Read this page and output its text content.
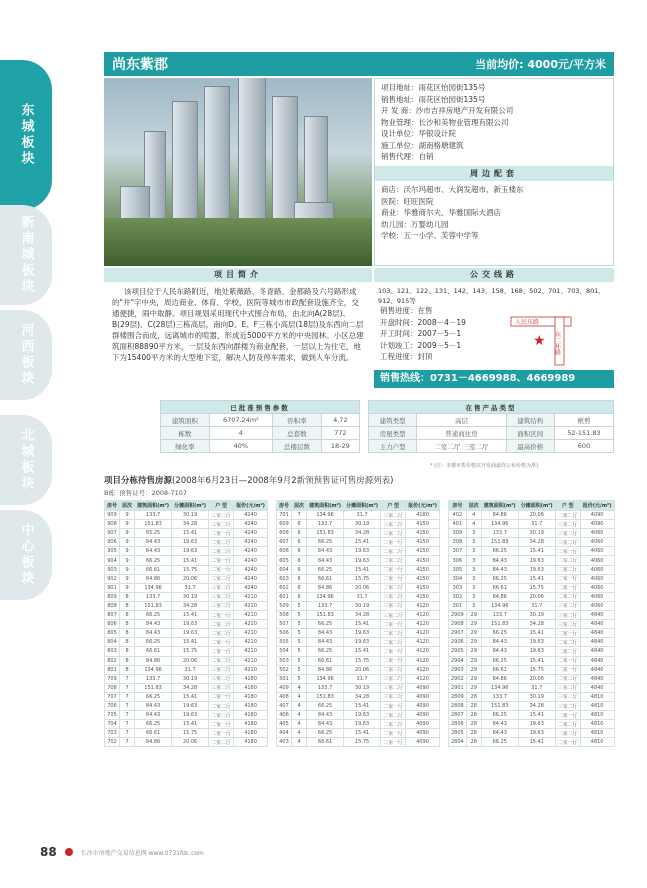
东城板块
新南城板块
河西板块
北城板块
中心板块
尚东紫郡	当前均价: 4000元/平方米
项目地址：雨花区怡园街135号
销售地址：雨花区怡园街135号
开 发 商：沙市吉祥房地产开发有限公司
物业管理：长沙和美物业管理有限公司
设计单位：华银设计院
施工单位：湖南格塘建筑
销售代理：自销
周边配套
商店：沃尔玛超市、大润发超市、新玉楼东
医院：旺旺医院
商业：华雅商尔夫、华雅国际大酒店
幼儿园：万婴幼儿园
学校：五一小学、芙蓉中学等
项目简介
该项目位于人民东路附近，地处紫薇路、冬青路、金都路及六号路形成的"井"字中央，周边商业、体育、学校、医院等城市市政配套设施齐全，交通便捷，闹中取静。项目规划采用现代中式围合布局，由北向A(28层)、B(29层)、C(28层)三栋高层，南向D、E、F三栋小高层(18层)及东西向二层群楼围合而成，远离城市的喧嚣，形成近5000平方米的中央园林。小区总建筑面积88890平方米，一层及东西向群楼为商业配套，一层以上为住宅，地下为15400平方米的大型地下室，解决人防及停车需求，做到人车分流。
公交线路
103、121、122、131、142、143、158、168、502、701、703、801、912、915等
销售进度：在售
开盘时间：2008－4－19
开工时间：2007－5－1
计划竣工：2009－5－1
工程进度：封顶
人民东路
东二环路
★
销售热线：0731－4669988、4669989
已批准预售参数			
建筑面积	6707.24m²	容积率	4.72
栋数	4	总套数	772
绿化率	40%	总楼层数	18-29
在售产品类型			
建筑类型	高层	建筑结构	框剪
房屋类型	普通商住房	面积区间	52-151.83
主力户型	二室二厅 三室二厅	最高价格	600
* (注：本楼市售价格以开发商最终公布价格为准)
项目分栋待售房源(2008年6月23日—2008年9月2新领预售证可售房源列表)
B栋 预售证号：2008-7107
房号	层次	建筑面积(m²)	分摊面积(m²)	户 型	报价(元/m²)
909	9	133.7	30.19	三室二厅	4240
908	9	151.83	34.28	三室二厅	4240
907	9	65.25	15.41	二室一厅	4240
906	9	84.43	19.63	二室二厅	4240
905	9	84.43	19.63	二室二厅	4240
904	9	66.25	15.41	二室一厅	4240
903	9	66.61	15.75	二室一厅	4240
902	9	84.86	20.06	二室二厅	4240
901	9	134.96	31.7	三室二厅	4240
809	8	133.7	30.19	三室二厅	4210
808	8	151.83	34.28	三室二厅	4210
807	8	66.25	15.41	二室一厅	4210
806	8	84.43	19.63	二室二厅	4210
805	8	84.43	19.63	二室二厅	4210
804	8	66.25	15.41	二室一厅	4210
803	8	66.61	15.75	二室一厅	4210
802	8	84.86	20.06	二室二厅	4210
801	8	134.96	31.7	三室二厅	4210
709	7	133.7	30.19	三室二厅	4180
708	7	151.83	34.28	三室二厅	4180
707	7	66.25	15.41	二室一厅	4180
706	7	84.43	19.63	二室二厅	4180
705	7	84.43	19.63	二室二厅	4180
704	7	66.25	15.41	二室一厅	4180
703	7	66.61	15.75	二室一厅	4180
702	7	84.86	20.06	二室二厅	4180
房号	层次	建筑面积(m²)	分摊面积(m²)	户 型	报价(元/m²)
701	7	134.96	31.7	三室二厅	4180
609	6	133.7	30.19	三室二厅	4150
608	6	151.83	34.28	三室二厅	4150
607	6	66.25	15.41	二室一厅	4150
606	6	84.43	19.63	二室二厅	4150
605	6	84.43	19.63	二室二厅	4150
604	6	66.25	15.41	二室一厅	4150
603	6	66.61	15.75	二室一厅	4150
602	6	84.86	20.06	二室二厅	4150
601	6	134.96	31.7	三室二厅	4150
509	5	133.7	30.19	三室二厅	4120
508	5	151.83	34.28	三室二厅	4120
507	5	66.25	15.41	二室一厅	4120
506	5	84.43	19.63	二室二厅	4120
505	5	84.43	19.63	二室二厅	4120
504	5	66.25	15.41	二室一厅	4120
503	5	66.61	15.75	二室一厅	4120
502	5	84.86	20.06	二室二厅	4120
501	5	134.96	31.7	三室二厅	4120
409	4	133.7	30.19	三室二厅	4090
408	4	151.83	34.28	三室二厅	4090
407	4	66.25	15.41	二室一厅	4090
406	4	84.43	19.63	二室二厅	4090
405	4	84.43	19.63	二室二厅	4090
404	4	66.25	15.41	二室一厅	4090
403	4	66.61	15.75	二室一厅	4090
房号	层次	建筑面积(m²)	分摊面积(m²)	户 型	报价(元/m²)
402	4	84.86	20.06	二室二厅	4090
401	4	134.96	31.7	三室二厅	4090
309	3	133.7	30.19	三室二厅	4060
308	3	151.83	34.28	三室二厅	4060
307	3	66.25	15.41	二室一厅	4060
306	3	84.43	19.63	二室二厅	4060
305	3	84.43	19.63	二室二厅	4060
304	3	66.25	15.41	二室一厅	4060
303	3	66.61	15.75	二室一厅	4060
302	3	84.86	20.06	二室二厅	4060
301	3	134.96	31.7	三室二厅	4060
2909	29	133.7	30.19	三室二厅	4840
2908	29	151.83	34.28	三室二厅	4840
2907	29	66.25	15.41	二室一厅	4840
2906	29	84.43	19.63	二室二厅	4840
2905	29	84.43	19.63	二室二厅	4840
2904	29	66.25	15.41	二室一厅	4840
2903	29	66.61	15.75	二室一厅	4840
2902	29	84.86	20.06	二室二厅	4840
2901	29	134.96	31.7	三室二厅	4840
2809	28	133.7	30.19	三室二厅	4810
2808	28	151.83	34.28	三室二厅	4810
2807	28	66.25	15.41	二室一厅	4810
2806	28	84.43	19.63	二室二厅	4810
2805	28	84.43	19.63	二室二厅	4810
2804	28	66.25	15.41	二室一厅	4810
88	长沙市房地产交易信息网 www.0731fdc.com
